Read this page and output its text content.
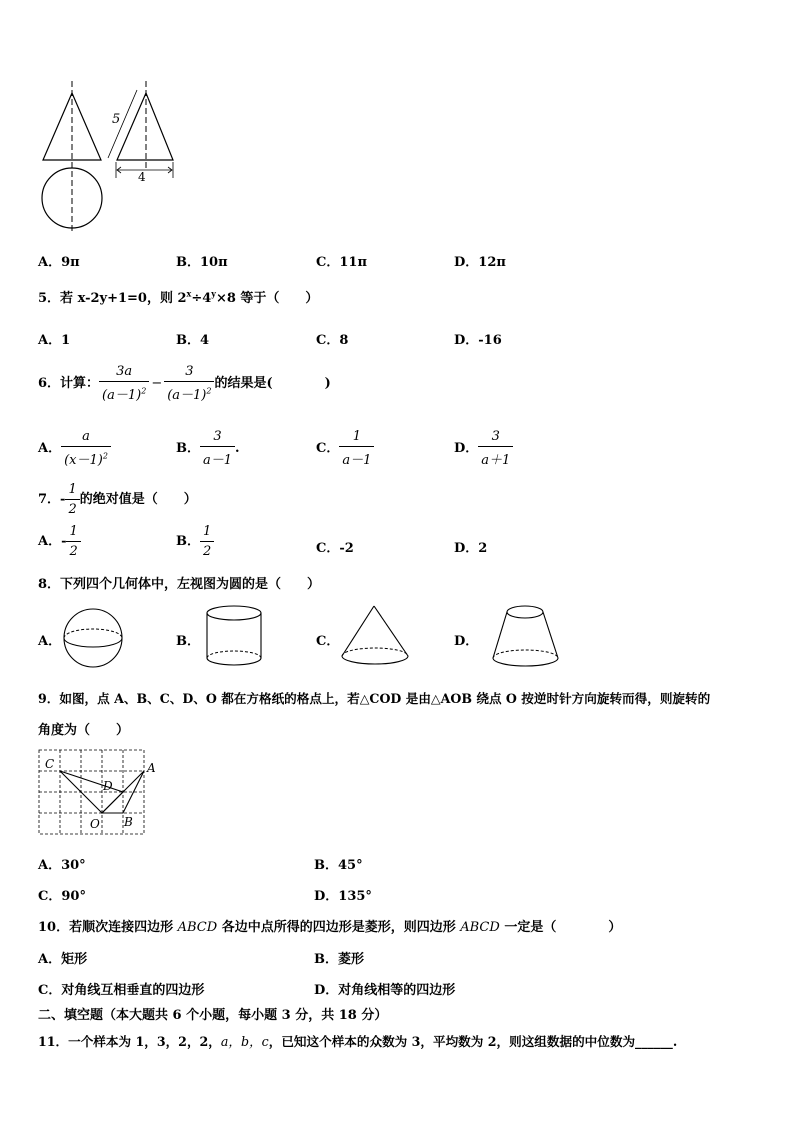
5
4
A．9π	B．10π	C．11π	D．12π
5．若 x-2y+1=0，则 $2^x\div 4^y\times 8$ 等于（　　）
A．1	B．4	C．8	D．-16
6．计算： $\frac{3a}{(a-1)^2} - \frac{3}{(a-1)^2}$ 的结果是(　　　　)
A． $\frac{a}{(x-1)^2}$	B． $\frac{3}{a-1}$ .	C． $\frac{1}{a-1}$	D． $\frac{3}{a+1}$
7．- $\frac{1}{2}$ 的绝对值是（　　）
A．- $\frac{1}{2}$	B． $\frac{1}{2}$	C．-2	D．2
8．下列四个几何体中，左视图为圆的是（　　）
A．	B．	C．	D．
9．如图，点 A、B、C、D、O 都在方格纸的格点上，若△COD 是由△AOB 绕点 O 按逆时针方向旋转而得，则旋转的
角度为（　　）
C	A
D
O B
A．30°	B．45°
C．90°	D．135°
10．若顺次连接四边形 ABCD 各边中点所得的四边形是菱形，则四边形 ABCD 一定是（　　　　）
A．矩形	B．菱形
C．对角线互相垂直的四边形	D．对角线相等的四边形
二、填空题（本大题共 6 个小题，每小题 3 分，共 18 分）
11．一个样本为 1，3，2，2，a，b，c，已知这个样本的众数为 3，平均数为 2，则这组数据的中位数为______.
